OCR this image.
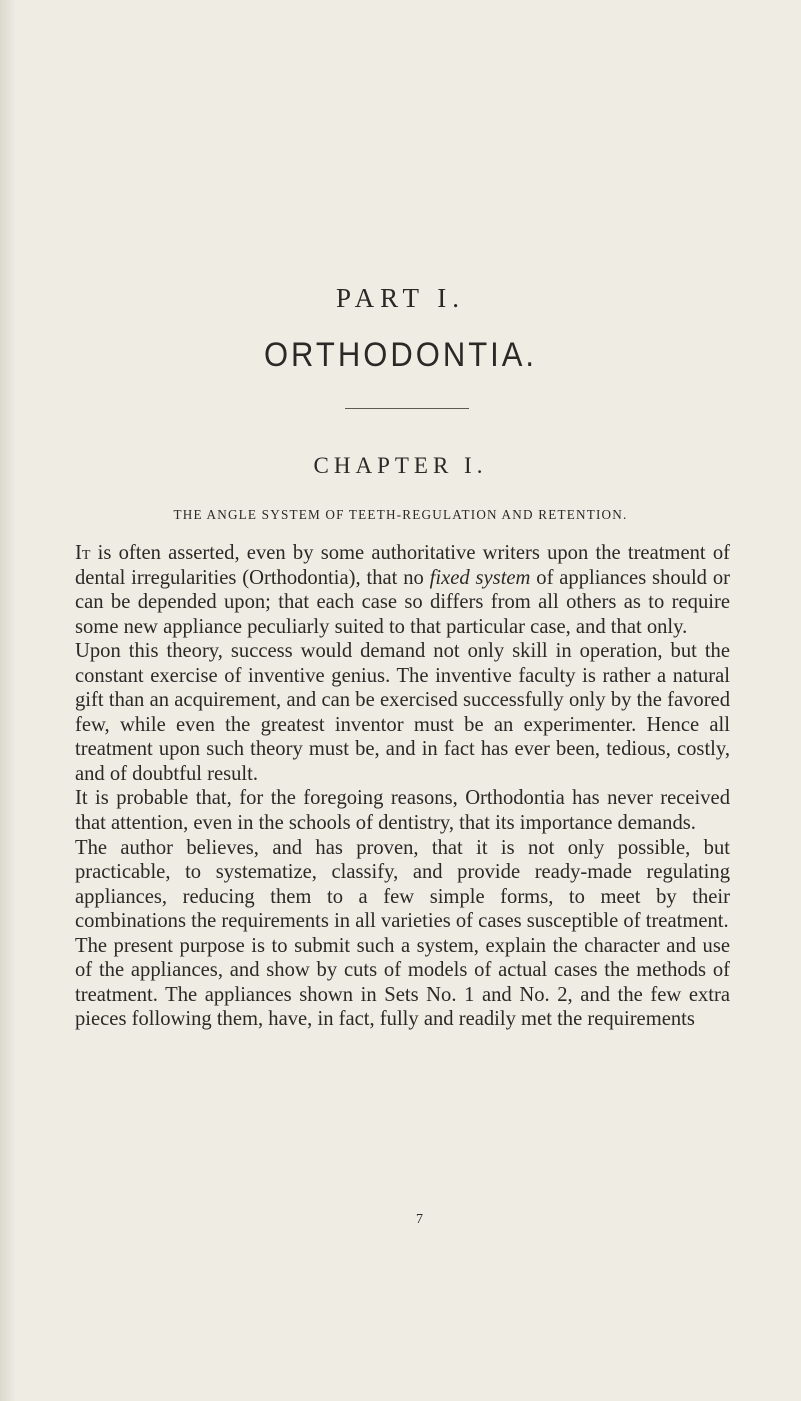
PART I.
ORTHODONTIA.
CHAPTER I.
THE ANGLE SYSTEM OF TEETH-REGULATION AND RETENTION.

It is often asserted, even by some authoritative writers upon the treatment of dental irregularities (Orthodontia), that no fixed system of appliances should or can be depended upon; that each case so differs from all others as to require some new appliance peculiarly suited to that particular case, and that only.

Upon this theory, success would demand not only skill in operation, but the constant exercise of inventive genius. The inventive faculty is rather a natural gift than an acquirement, and can be exercised successfully only by the favored few, while even the greatest inventor must be an experimenter. Hence all treatment upon such theory must be, and in fact has ever been, tedious, costly, and of doubtful result.

It is probable that, for the foregoing reasons, Orthodontia has never received that attention, even in the schools of dentistry, that its importance demands.

The author believes, and has proven, that it is not only possible, but practicable, to systematize, classify, and provide ready-made regulating appliances, reducing them to a few simple forms, to meet by their combinations the requirements in all varieties of cases susceptible of treatment.

The present purpose is to submit such a system, explain the character and use of the appliances, and show by cuts of models of actual cases the methods of treatment. The appliances shown in Sets No. 1 and No. 2, and the few extra pieces following them, have, in fact, fully and readily met the requirements

7
